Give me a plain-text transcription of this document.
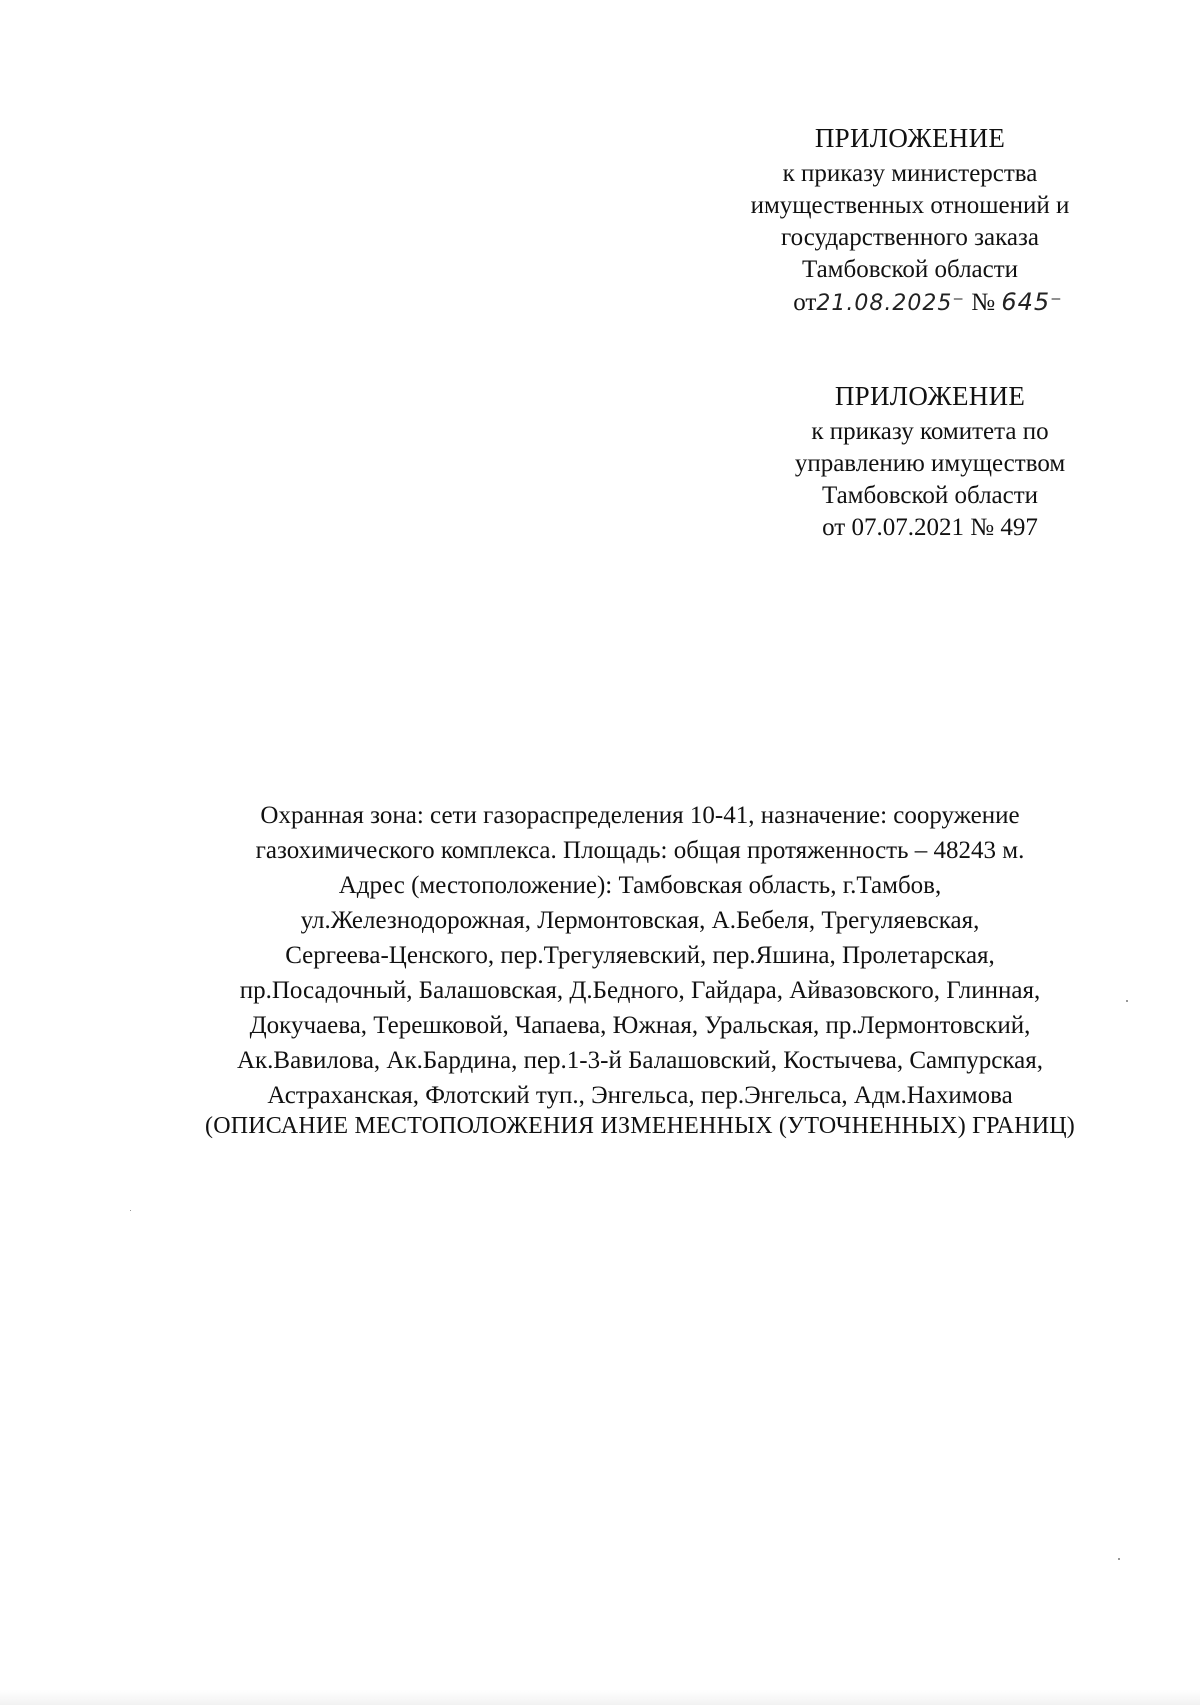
ПРИЛОЖЕНИЕ
к приказу министерства
имущественных отношений и
государственного заказа
Тамбовской области
от21.08.2025⁻ № 645⁻
ПРИЛОЖЕНИЕ
к приказу комитета по
управлению имуществом
Тамбовской области
от 07.07.2021 № 497
Охранная зона: сети газораспределения 10-41, назначение: сооружение
газохимического комплекса. Площадь: общая протяженность – 48243 м.
Адрес (местоположение): Тамбовская область, г.Тамбов,
ул.Железнодорожная, Лермонтовская, А.Бебеля, Трегуляевская,
Сергеева-Ценского, пер.Трегуляевский, пер.Яшина, Пролетарская,
пр.Посадочный, Балашовская, Д.Бедного, Гайдара, Айвазовского, Глинная,
Докучаева, Терешковой, Чапаева, Южная, Уральская, пр.Лермонтовский,
Ак.Вавилова, Ак.Бардина, пер.1-3-й Балашовский, Костычева, Сампурская,
Астраханская, Флотский туп., Энгельса, пер.Энгельса, Адм.Нахимова
(ОПИСАНИЕ МЕСТОПОЛОЖЕНИЯ ИЗМЕНЕННЫХ (УТОЧНЕННЫХ) ГРАНИЦ)
